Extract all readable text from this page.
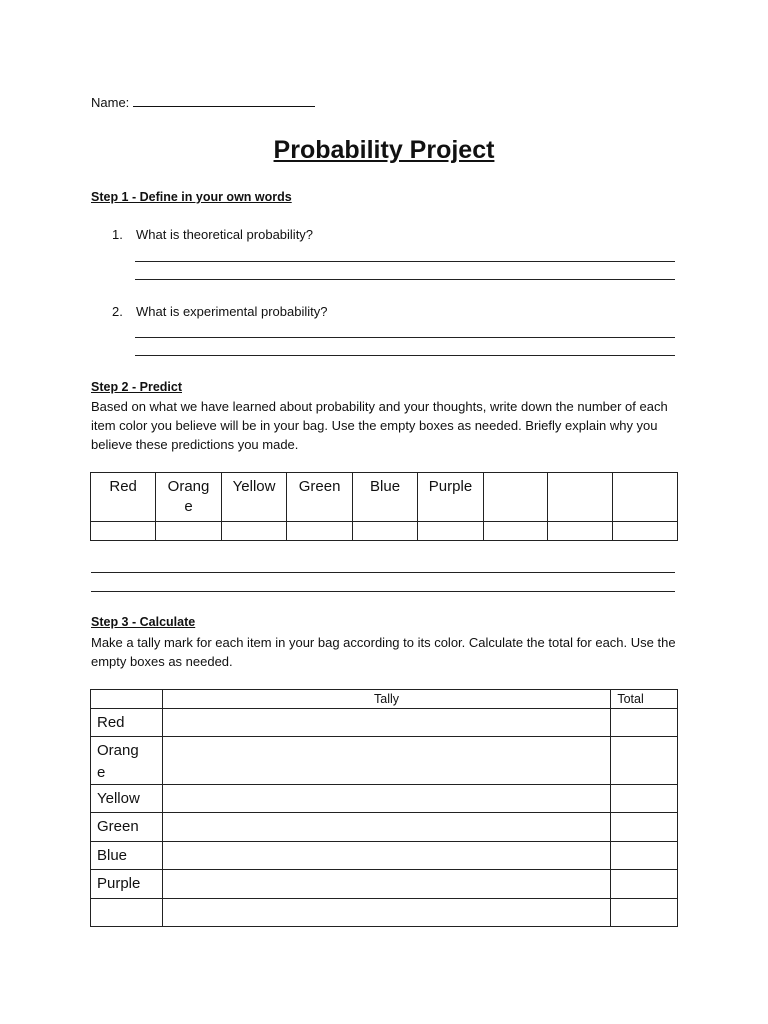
Name:
Probability Project
Step 1 - Define in your own words
1. What is theoretical probability?
2. What is experimental probability?
Step 2 - Predict
Based on what we have learned about probability and your thoughts, write down the number of each item color you believe will be in your bag. Use the empty boxes as needed. Briefly explain why you believe these predictions you made.
Red	Orang e	Yellow	Green	Blue	Purple			

Step 3 - Calculate
Make a tally mark for each item in your bag according to its color. Calculate the total for each. Use the empty boxes as needed.
	Tally	Total
Red		
Orang e		
Yellow		
Green		
Blue		
Purple		
